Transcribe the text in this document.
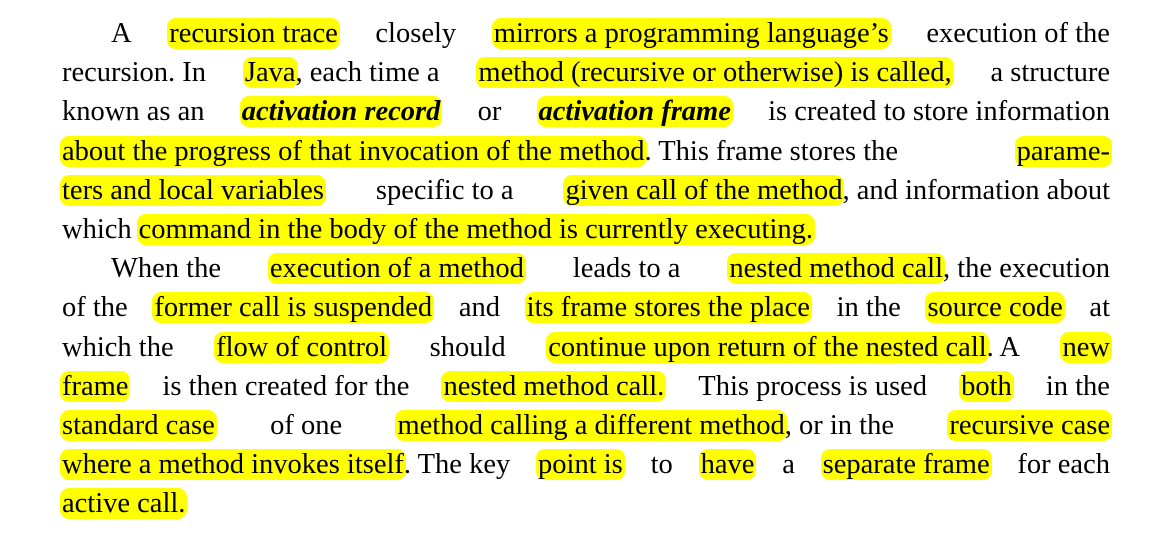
A recursion trace closely mirrors a programming language’s execution of the
recursion. In Java, each time a method (recursive or otherwise) is called, a structure
known as an activation record or activation frame is created to store information
about the progress of that invocation of the method. This frame stores the	parame-
ters and local variables specific to a given call of the method, and information about
which command in the body of the method is currently executing.
When the execution of a method leads to a nested method call, the execution
of the former call is suspended and its frame stores the place in the source code at
which the flow of control should continue upon return of the nested call. A new
frame is then created for the nested method call. This process is used both in the
standard case of one method calling a different method, or in the recursive case
where a method invokes itself. The key point is to have a separate frame for each
active call.
